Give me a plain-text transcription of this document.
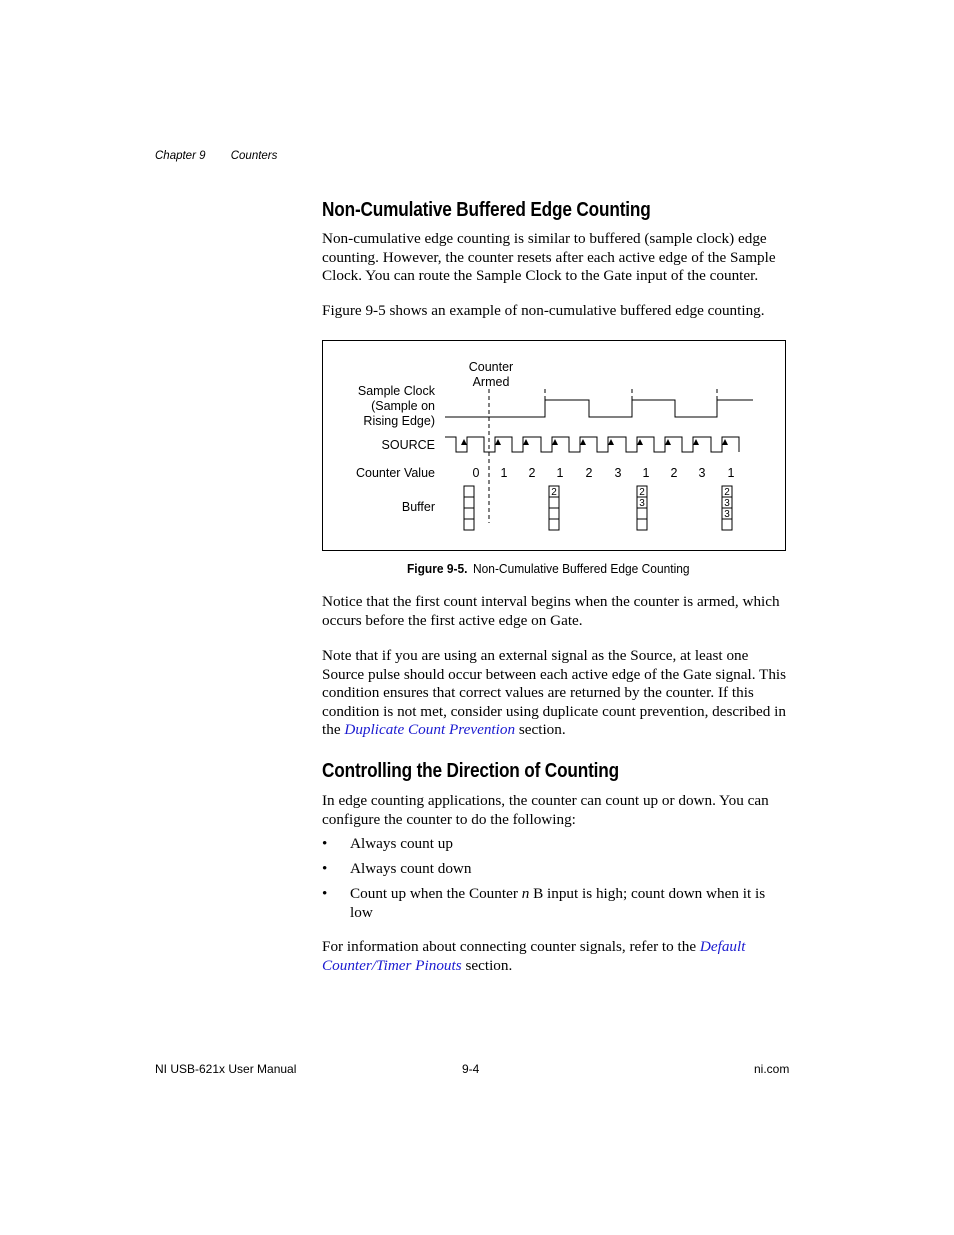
Chapter 9 Counters
Non-Cumulative Buffered Edge Counting

Non-cumulative edge counting is similar to buffered (sample clock) edge counting. However, the counter resets after each active edge of the Sample Clock. You can route the Sample Clock to the Gate input of the counter.

Figure 9-5 shows an example of non-cumulative buffered edge counting.

Counter
Armed
Sample Clock
(Sample on
Rising Edge)
SOURCE
Counter Value
Buffer
0 1 2 1 2 3 1 2 3 1
2	2
3
2
3
3
Figure 9-5. Non-Cumulative Buffered Edge Counting

Notice that the first count interval begins when the counter is armed, which occurs before the first active edge on Gate.

Note that if you are using an external signal as the Source, at least one Source pulse should occur between each active edge of the Gate signal. This condition ensures that correct values are returned by the counter. If this condition is not met, consider using duplicate count prevention, described in the Duplicate Count Prevention section.

Controlling the Direction of Counting

In edge counting applications, the counter can count up or down. You can configure the counter to do the following:

• Always count up

• Always count down

• Count up when the Counter n B input is high; count down when it is low

For information about connecting counter signals, refer to the Default Counter/Timer Pinouts section.

NI USB-621x User Manual	9-4	ni.com
